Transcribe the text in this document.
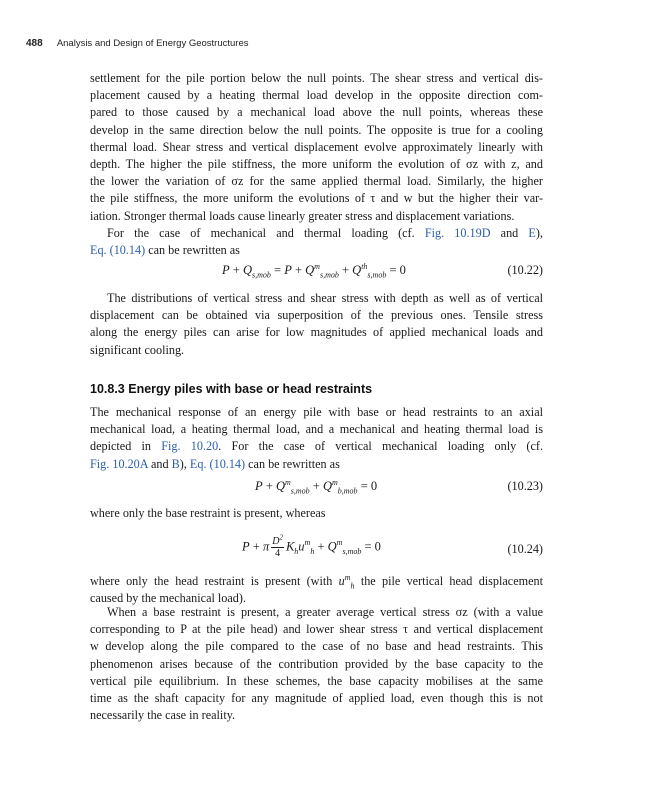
488 Analysis and Design of Energy Geostructures

settlement for the pile portion below the null points. The shear stress and vertical dis-
placement caused by a heating thermal load develop in the opposite direction com-
pared to those caused by a mechanical load above the null points, whereas these
develop in the same direction below the null points. The opposite is true for a cooling
thermal load. Shear stress and vertical displacement evolve approximately linearly with
depth. The higher the pile stiffness, the more uniform the evolution of σz with z, and
the lower the variation of σz for the same applied thermal load. Similarly, the higher
the pile stiffness, the more uniform the evolutions of τ and w but the higher their var-
iation. Stronger thermal loads cause linearly greater stress and displacement variations.

For the case of mechanical and thermal loading (cf. Fig. 10.19D and E),
Eq. (10.14) can be rewritten as

$P + Q_{s,mob} = P + Q^m_{s,mob} + Q^{th}_{s,mob} = 0$	(10.22)

The distributions of vertical stress and shear stress with depth as well as of vertical
displacement can be obtained via superposition of the previous ones. Tensile stress
along the energy piles can arise for low magnitudes of applied mechanical loads and
significant cooling.

10.8.3 Energy piles with base or head restraints

The mechanical response of an energy pile with base or head restraints to an axial
mechanical load, a heating thermal load, and a mechanical and heating thermal load is
depicted in Fig. 10.20. For the case of vertical mechanical loading only (cf.
Fig. 10.20A and B), Eq. (10.14) can be rewritten as

$P + Q^m_{s,mob} + Q^m_{b,mob} = 0$	(10.23)

where only the base restraint is present, whereas

P + π $\frac{D^2}{4} K_hu^m_h + Q^m_{s,mob} = 0$	(10.24)

where only the head restraint is present (with $u^m_h$ the pile vertical head displacement
caused by the mechanical load).

When a base restraint is present, a greater average vertical stress σz (with a value
corresponding to P at the pile head) and lower shear stress τ and vertical displacement
w develop along the pile compared to the case of no base and head restraints. This
phenomenon arises because of the contribution provided by the base capacity to the
vertical pile equilibrium. In these schemes, the base capacity mobilises at the same
time as the shaft capacity for any magnitude of applied load, even though this is not
necessarily the case in reality.
